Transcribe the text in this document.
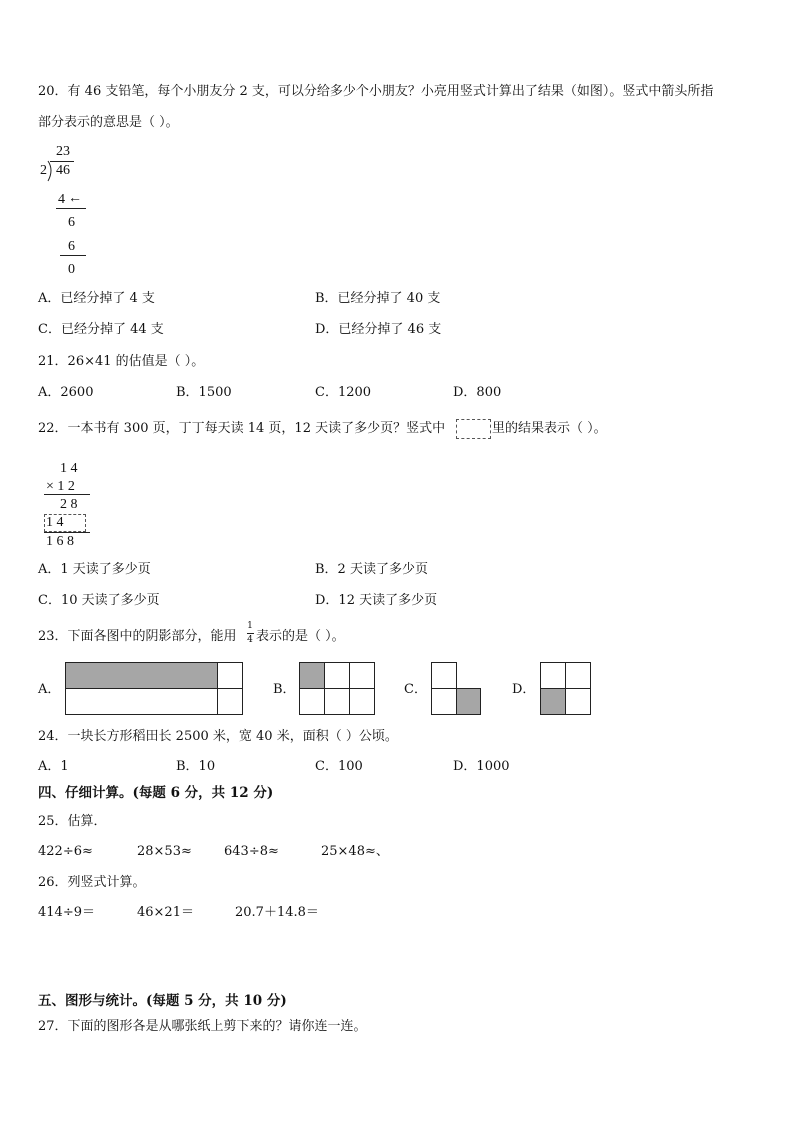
20．有 46 支铅笔，每个小朋友分 2 支，可以分给多少个小朋友？小亮用竖式计算出了结果（如图）。竖式中箭头所指
部分表示的意思是（ ）。
23
2 46
4 ←
6
6
0
A．已经分掉了 4 支	B．已经分掉了 40 支
C．已经分掉了 44 支	D．已经分掉了 46 支
21．26×41 的估值是（ ）。
A．2600	B．1500	C．1200	D．800
22．一本书有 300 页，丁丁每天读 14 页，12 天读了多少页？竖式中	里的结果表示（ ）。
1 4
× 1 2
2 8
1 4
1 6 8
A．1 天读了多少页	B．2 天读了多少页
C．10 天读了多少页	D．12 天读了多少页
23．下面各图中的阴影部分，能用
1
4 表示的是（ ）。
A．	B．	C．	D．
24．一块长方形稻田长 2500 米，宽 40 米，面积（ ）公顷。
A．1	B．10	C．100	D．1000
四、仔细计算。(每题 6 分，共 12 分)
25．估算．
422÷6≈	28×53≈ 643÷8≈	25×48≈、
26．列竖式计算。
414÷9＝	46×21＝	20.7＋14.8＝
五、图形与统计。(每题 5 分，共 10 分)
27．下面的图形各是从哪张纸上剪下来的？请你连一连。
